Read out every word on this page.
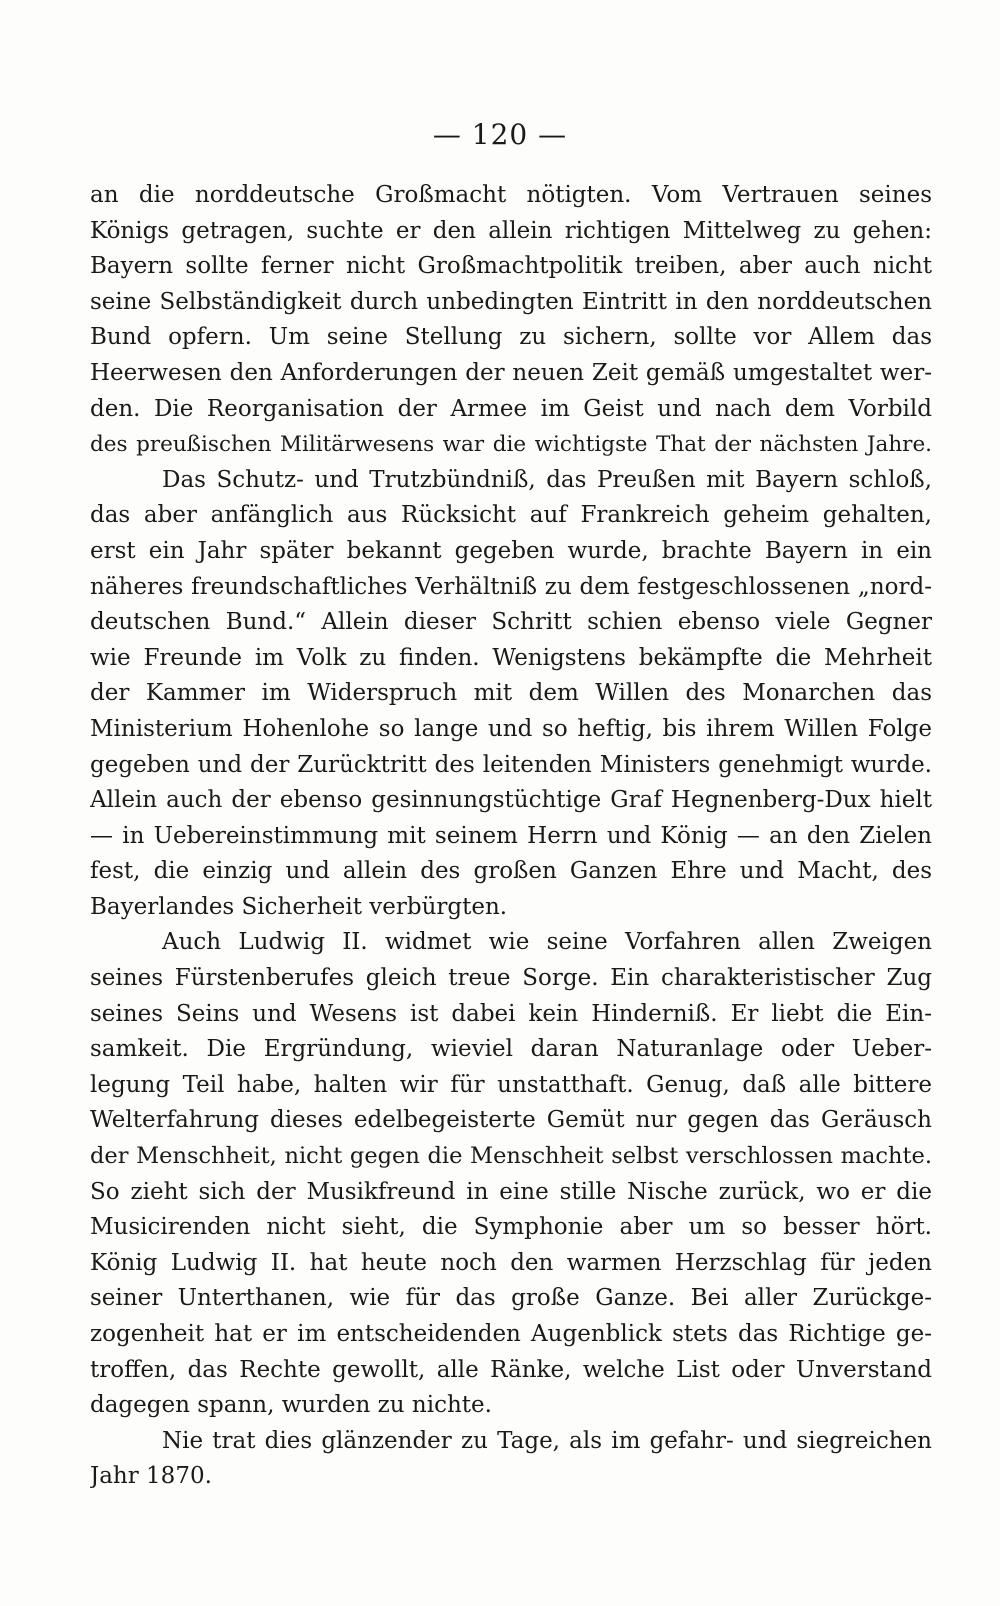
— 120 —
an die norddeutsche Großmacht nötigten. Vom Vertrauen seines
Königs getragen, suchte er den allein richtigen Mittelweg zu gehen:
Bayern sollte ferner nicht Großmachtpolitik treiben, aber auch nicht
seine Selbständigkeit durch unbedingten Eintritt in den norddeutschen
Bund opfern. Um seine Stellung zu sichern, sollte vor Allem das
Heerwesen den Anforderungen der neuen Zeit gemäß umgestaltet wer-
den. Die Reorganisation der Armee im Geist und nach dem Vorbild
des preußischen Militärwesens war die wichtigste That der nächsten Jahre.
Das Schutz- und Trutzbündniß, das Preußen mit Bayern schloß,
das aber anfänglich aus Rücksicht auf Frankreich geheim gehalten,
erst ein Jahr später bekannt gegeben wurde, brachte Bayern in ein
näheres freundschaftliches Verhältniß zu dem festgeschlossenen „nord-
deutschen Bund.“ Allein dieser Schritt schien ebenso viele Gegner
wie Freunde im Volk zu finden. Wenigstens bekämpfte die Mehrheit
der Kammer im Widerspruch mit dem Willen des Monarchen das
Ministerium Hohenlohe so lange und so heftig, bis ihrem Willen Folge
gegeben und der Zurücktritt des leitenden Ministers genehmigt wurde.
Allein auch der ebenso gesinnungstüchtige Graf Hegnenberg-Dux hielt
— in Uebereinstimmung mit seinem Herrn und König — an den Zielen
fest, die einzig und allein des großen Ganzen Ehre und Macht, des
Bayerlandes Sicherheit verbürgten.
Auch Ludwig II. widmet wie seine Vorfahren allen Zweigen
seines Fürstenberufes gleich treue Sorge. Ein charakteristischer Zug
seines Seins und Wesens ist dabei kein Hinderniß. Er liebt die Ein-
samkeit. Die Ergründung, wieviel daran Naturanlage oder Ueber-
legung Teil habe, halten wir für unstatthaft. Genug, daß alle bittere
Welterfahrung dieses edelbegeisterte Gemüt nur gegen das Geräusch
der Menschheit, nicht gegen die Menschheit selbst verschlossen machte.
So zieht sich der Musikfreund in eine stille Nische zurück, wo er die
Musicirenden nicht sieht, die Symphonie aber um so besser hört.
König Ludwig II. hat heute noch den warmen Herzschlag für jeden
seiner Unterthanen, wie für das große Ganze. Bei aller Zurückge-
zogenheit hat er im entscheidenden Augenblick stets das Richtige ge-
troffen, das Rechte gewollt, alle Ränke, welche List oder Unverstand
dagegen spann, wurden zu nichte.
Nie trat dies glänzender zu Tage, als im gefahr- und siegreichen
Jahr 1870.
